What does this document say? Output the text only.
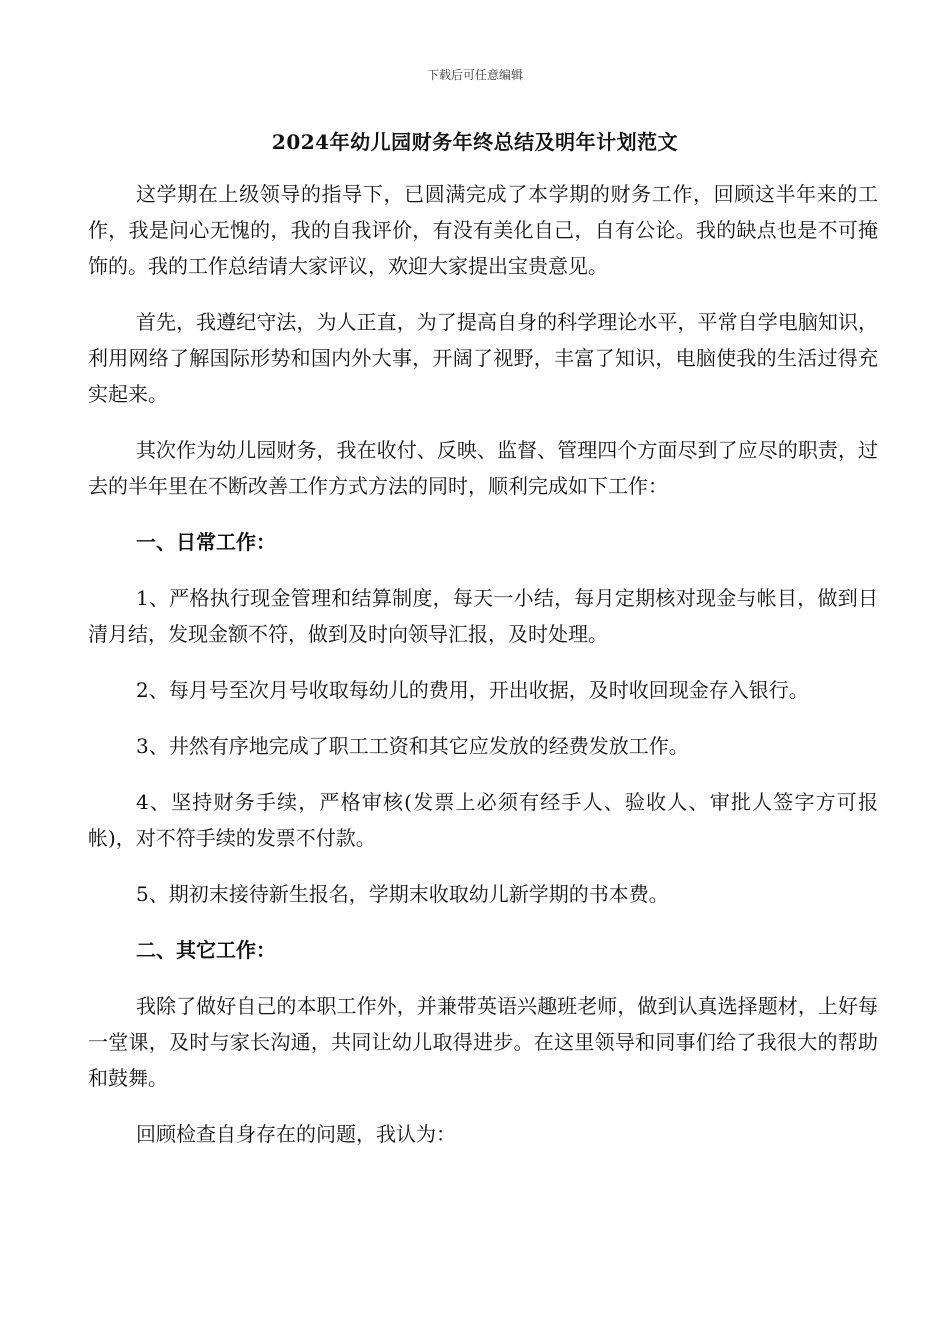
下载后可任意编辑
2024年幼儿园财务年终总结及明年计划范文

这学期在上级领导的指导下，已圆满完成了本学期的财务工作，回顾这半年来的工作，我是问心无愧的，我的自我评价，有没有美化自己，自有公论。我的缺点也是不可掩饰的。我的工作总结请大家评议，欢迎大家提出宝贵意见。

首先，我遵纪守法，为人正直，为了提高自身的科学理论水平，平常自学电脑知识，利用网络了解国际形势和国内外大事，开阔了视野，丰富了知识，电脑使我的生活过得充实起来。

其次作为幼儿园财务，我在收付、反映、监督、管理四个方面尽到了应尽的职责，过去的半年里在不断改善工作方式方法的同时，顺利完成如下工作：

一、日常工作：

1、严格执行现金管理和结算制度，每天一小结，每月定期核对现金与帐目，做到日清月结，发现金额不符，做到及时向领导汇报，及时处理。

2、每月号至次月号收取每幼儿的费用，开出收据，及时收回现金存入银行。

3、井然有序地完成了职工工资和其它应发放的经费发放工作。

4、坚持财务手续，严格审核(发票上必须有经手人、验收人、审批人签字方可报帐)，对不符手续的发票不付款。

5、期初末接待新生报名，学期末收取幼儿新学期的书本费。

二、其它工作：

我除了做好自己的本职工作外，并兼带英语兴趣班老师，做到认真选择题材，上好每一堂课，及时与家长沟通，共同让幼儿取得进步。在这里领导和同事们给了我很大的帮助和鼓舞。

回顾检查自身存在的问题，我认为：
